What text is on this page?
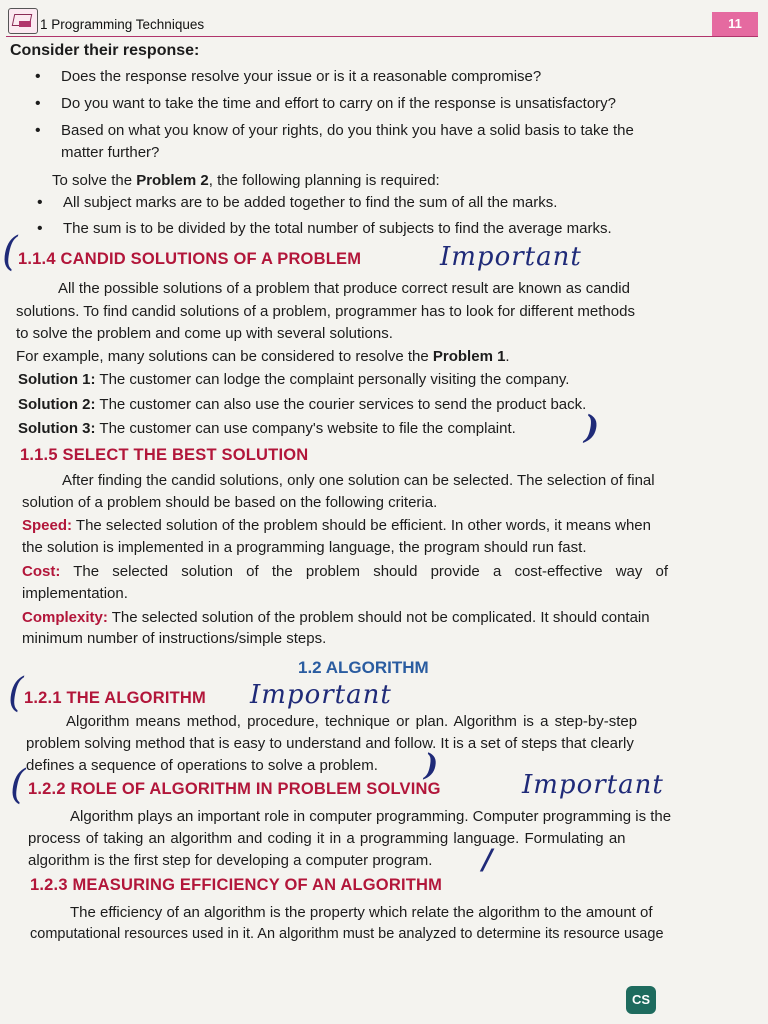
1 Programming Techniques	11
Consider their response:
• Does the response resolve your issue or is it a reasonable compromise?
• Do you want to take the time and effort to carry on if the response is unsatisfactory?
• Based on what you know of your rights, do you think you have a solid basis to take the
matter further?
To solve the Problem 2, the following planning is required:
• All subject marks are to be added together to find the sum of all the marks.
• The sum is to be divided by the total number of subjects to find the average marks.
( 1.1.4 CANDID SOLUTIONS OF A PROBLEM	Important
All the possible solutions of a problem that produce correct result are known as candid
solutions. To find candid solutions of a problem, programmer has to look for different methods
to solve the problem and come up with several solutions.
For example, many solutions can be considered to resolve the Problem 1.
Solution 1: The customer can lodge the complaint personally visiting the company.
Solution 2: The customer can also use the courier services to send the product back.
Solution 3: The customer can use company's website to file the complaint. )
1.1.5 SELECT THE BEST SOLUTION
After finding the candid solutions, only one solution can be selected. The selection of final
solution of a problem should be based on the following criteria.
Speed: The selected solution of the problem should be efficient. In other words, it means when
the solution is implemented in a programming language, the program should run fast.
Cost: The selected solution of the problem should provide a cost-effective way of
implementation.
Complexity: The selected solution of the problem should not be complicated. It should contain
minimum number of instructions/simple steps.
1.2 ALGORITHM
( 1.2.1 THE ALGORITHM Important
Algorithm means method, procedure, technique or plan. Algorithm is a step-by-step
problem solving method that is easy to understand and follow. It is a set of steps that clearly
defines a sequence of operations to solve a problem. )
( 1.2.2 ROLE OF ALGORITHM IN PROBLEM SOLVING	Important
Algorithm plays an important role in computer programming. Computer programming is the
process of taking an algorithm and coding it in a programming language. Formulating an
algorithm is the first step for developing a computer program. /
1.2.3 MEASURING EFFICIENCY OF AN ALGORITHM
The efficiency of an algorithm is the property which relate the algorithm to the amount of
computational resources used in it. An algorithm must be analyzed to determine its resource usage
CS
